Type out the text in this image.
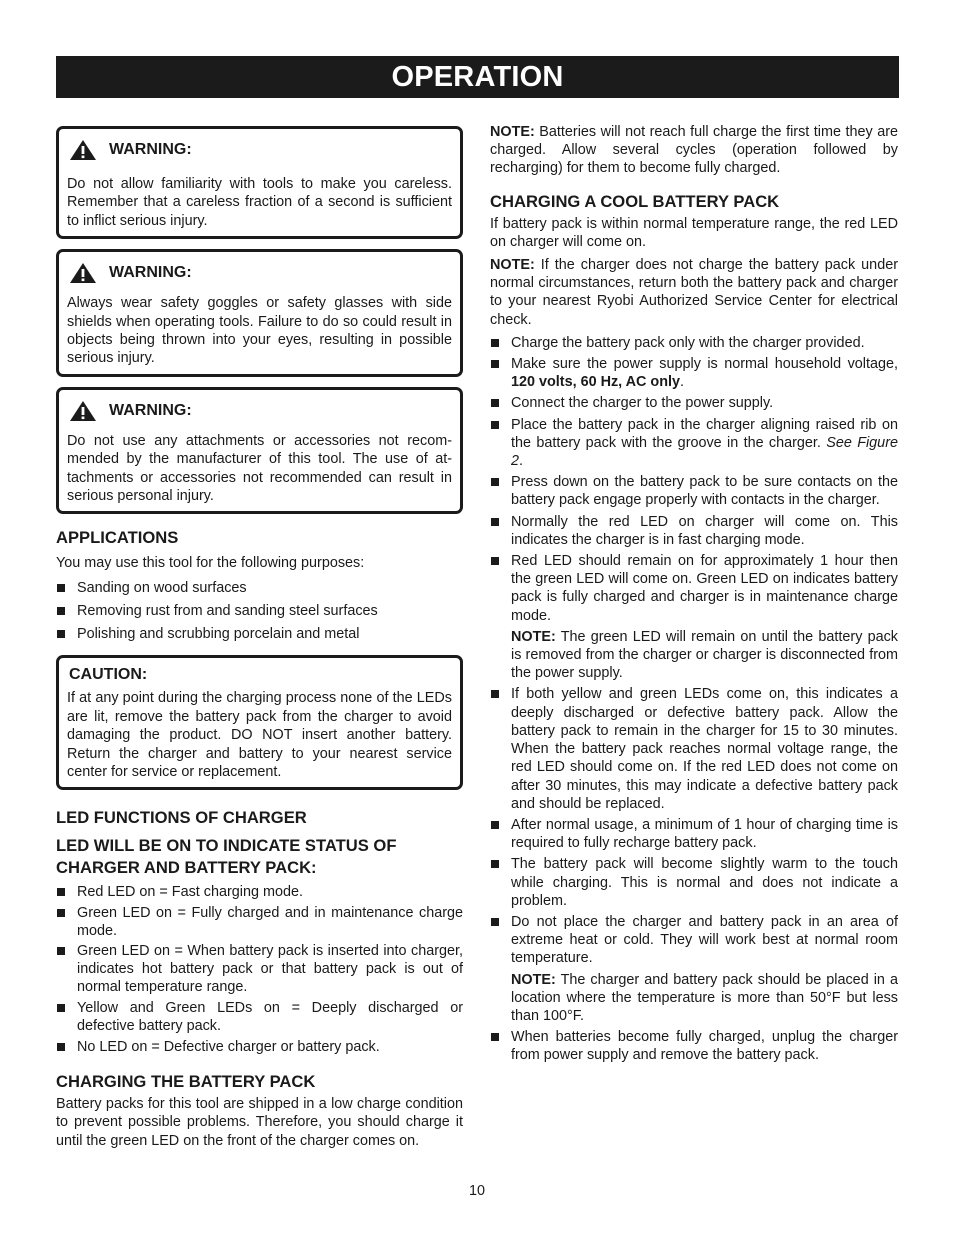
OPERATION
WARNING:

Do not allow familiarity with tools to make you careless. Remember that a careless fraction of a second is sufficient to inflict serious injury.

WARNING:

Always wear safety goggles or safety glasses with side shields when operating tools. Failure to do so could result in objects being thrown into your eyes, resulting in possible serious injury.

WARNING:

Do not use any attachments or accessories not recommended by the manufacturer of this tool. The use of attachments or accessories not recommended can result in serious personal injury.

APPLICATIONS

You may use this tool for the following purposes:

Sanding on wood surfaces
Removing rust from and sanding steel surfaces
Polishing and scrubbing porcelain and metal
CAUTION:

If at any point during the charging process none of the LEDs are lit, remove the battery pack from the charger to avoid damaging the product. DO NOT insert another battery. Return the charger and battery to your nearest service center for service or replacement.

LED FUNCTIONS OF CHARGER
LED WILL BE ON TO INDICATE STATUS OF CHARGER AND BATTERY PACK:
Red LED on = Fast charging mode.
Green LED on = Fully charged and in maintenance charge mode.
Green LED on = When battery pack is inserted into charger, indicates hot battery pack or that battery pack is out of normal temperature range.
Yellow and Green LEDs on = Deeply discharged or defective battery pack.
No LED on = Defective charger or battery pack.
CHARGING THE BATTERY PACK

Battery packs for this tool are shipped in a low charge condition to prevent possible problems. Therefore, you should charge it until the green LED on the front of the charger comes on.

NOTE: Batteries will not reach full charge the first time they are charged. Allow several cycles (operation followed by recharging) for them to become fully charged.

CHARGING A COOL BATTERY PACK

If battery pack is within normal temperature range, the red LED on charger will come on.

NOTE: If the charger does not charge the battery pack under normal circumstances, return both the battery pack and charger to your nearest Ryobi Authorized Service Center for electrical check.

Charge the battery pack only with the charger provided.
Make sure the power supply is normal household voltage, 120 volts, 60 Hz, AC only.
Connect the charger to the power supply.
Place the battery pack in the charger aligning raised rib on the battery pack with the groove in the charger. See Figure 2.
Press down on the battery pack to be sure contacts on the battery pack engage properly with contacts in the charger.
Normally the red LED on charger will come on. This indicates the charger is in fast charging mode.
Red LED should remain on for approximately 1 hour then the green LED will come on. Green LED on indicates battery pack is fully charged and charger is in maintenance charge mode.

NOTE: The green LED will remain on until the battery pack is removed from the charger or charger is disconnected from the power supply.

If both yellow and green LEDs come on, this indicates a deeply discharged or defective battery pack. Allow the battery pack to remain in the charger for 15 to 30 minutes. When the battery pack reaches normal voltage range, the red LED should come on. If the red LED does not come on after 30 minutes, this may indicate a defective battery pack and should be replaced.
After normal usage, a minimum of 1 hour of charging time is required to fully recharge battery pack.
The battery pack will become slightly warm to the touch while charging. This is normal and does not indicate a problem.
Do not place the charger and battery pack in an area of extreme heat or cold. They will work best at normal room temperature.

NOTE: The charger and battery pack should be placed in a location where the temperature is more than 50°F but less than 100°F.

When batteries become fully charged, unplug the charger from power supply and remove the battery pack.
10
